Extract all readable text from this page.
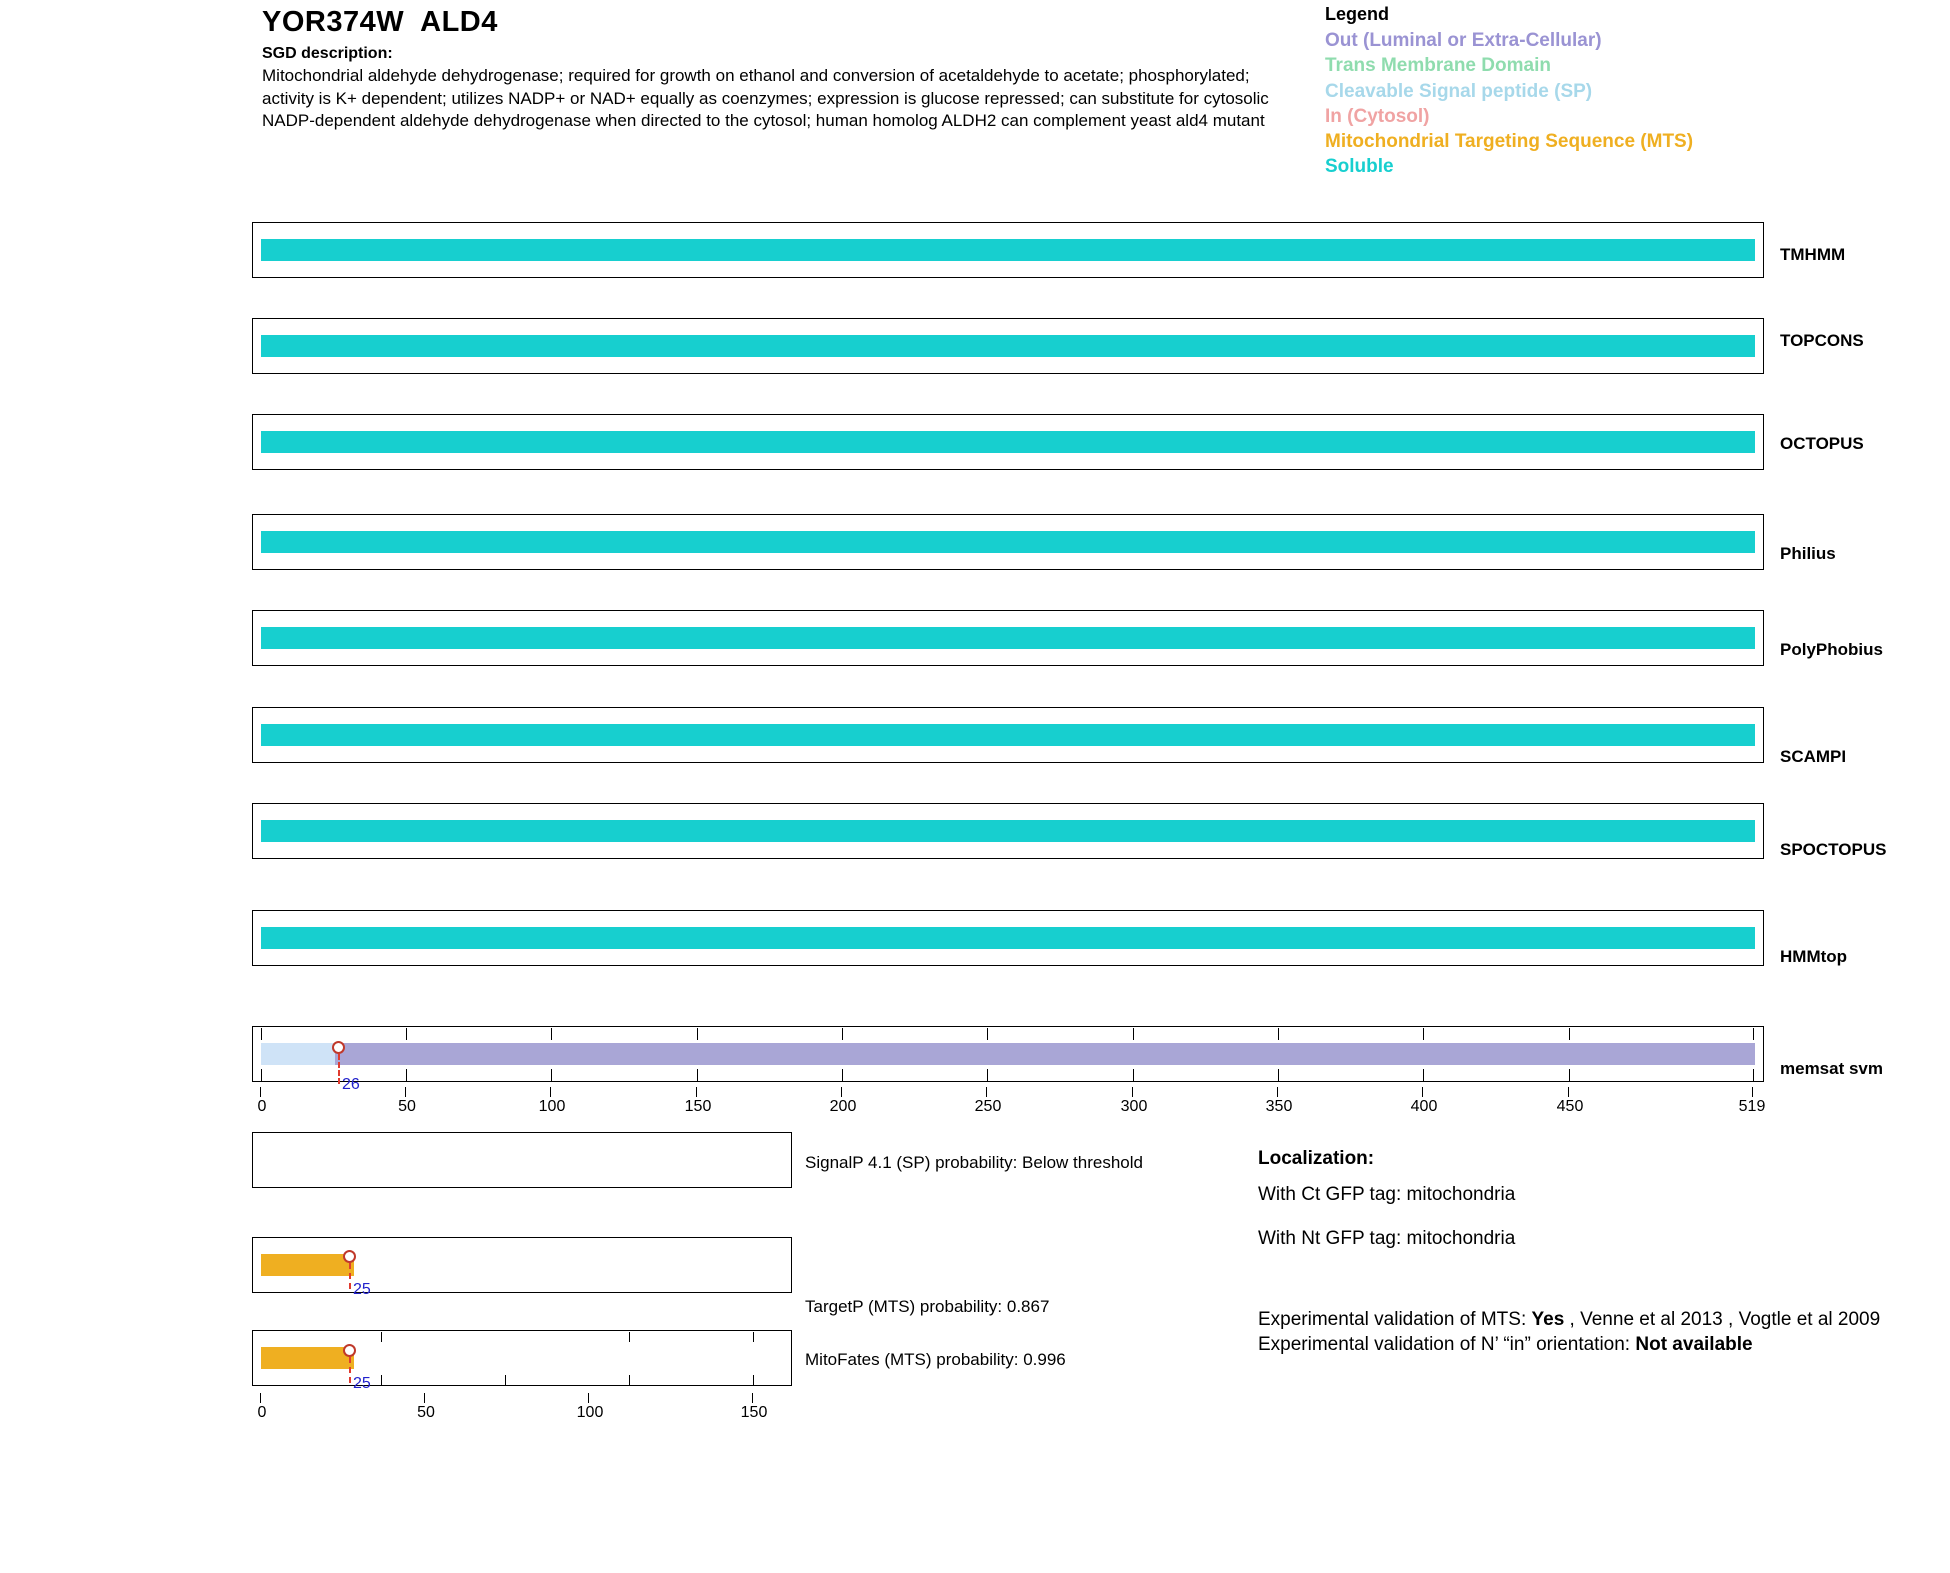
YOR374W  ALD4
SGD description:
Mitochondrial aldehyde dehydrogenase; required for growth on ethanol and conversion of acetaldehyde to acetate; phosphorylated; activity is K+ dependent; utilizes NADP+ or NAD+ equally as coenzymes; expression is glucose repressed; can substitute for cytosolic NADP-dependent aldehyde dehydrogenase when directed to the cytosol; human homolog ALDH2 can complement yeast ald4 mutant
Legend
Out (Luminal or Extra-Cellular)
Trans Membrane Domain
Cleavable Signal peptide (SP)
In (Cytosol)
Mitochondrial Targeting Sequence (MTS)
Soluble
TMHMM
TOPCONS
OCTOPUS
Philius
PolyPhobius
SCAMPI
SPOCTOPUS
HMMtop
26
memsat svm
0	50	100	150	200	250	300	350	400	450	519
SignalP 4.1 (SP) probability: Below threshold
25
TargetP (MTS) probability: 0.867
25
MitoFates (MTS) probability: 0.996
0	50	100	150
Localization:
With Ct GFP tag: mitochondria
With Nt GFP tag: mitochondria
Experimental validation of MTS: Yes , Venne et al 2013 , Vogtle et al 2009
Experimental validation of N’ “in” orientation: Not available
